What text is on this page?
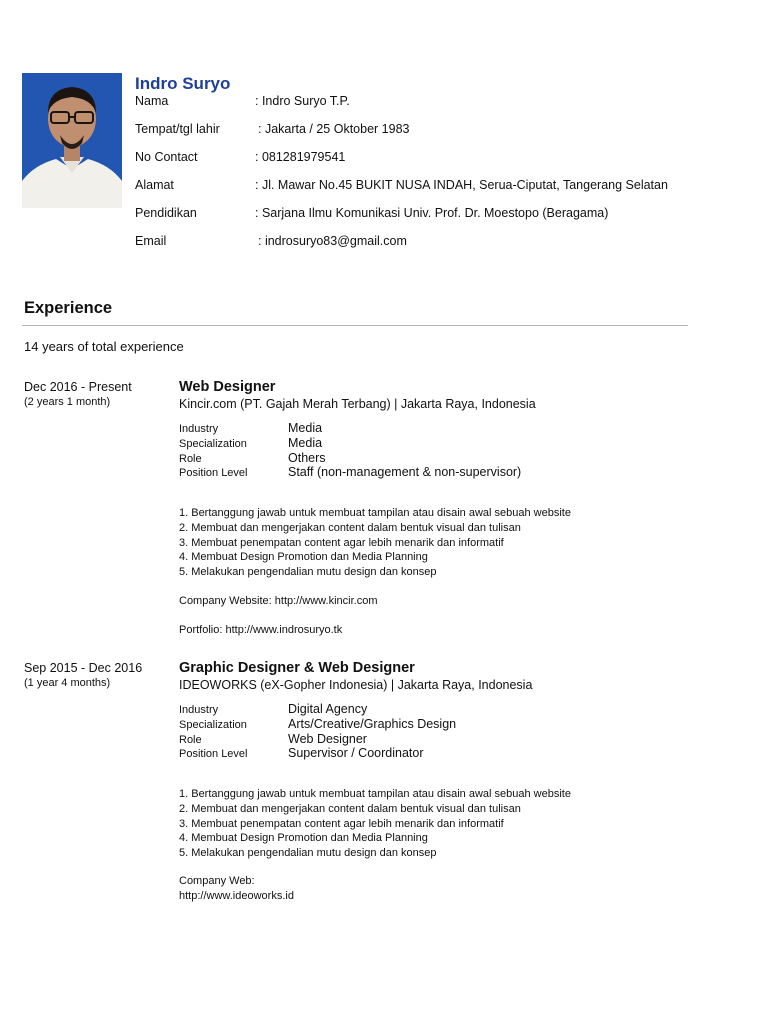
Indro Suryo
Nama	: Indro Suryo T.P.
Tempat/tgl lahir	: Jakarta / 25 Oktober 1983
No Contact	: 081281979541
Alamat	: Jl. Mawar No.45 BUKIT NUSA INDAH, Serua-Ciputat, Tangerang Selatan
Pendidikan	: Sarjana Ilmu Komunikasi Univ. Prof. Dr. Moestopo (Beragama)
Email	: indrosuryo83@gmail.com
Experience
14 years of total experience
Dec 2016 - Present
(2 years 1 month)
Web Designer
Kincir.com (PT. Gajah Merah Terbang) | Jakarta Raya, Indonesia
Industry	Media
Specialization	Media
Role	Others
Position Level	Staff (non-management & non-supervisor)
1. Bertanggung jawab untuk membuat tampilan atau disain awal sebuah website
2. Membuat dan mengerjakan content dalam bentuk visual dan tulisan
3. Membuat penempatan content agar lebih menarik dan informatif
4. Membuat Design Promotion dan Media Planning
5. Melakukan pengendalian mutu design dan konsep
Company Website: http://www.kincir.com
Portfolio: http://www.indrosuryo.tk
Sep 2015 - Dec 2016
(1 year 4 months)
Graphic Designer & Web Designer
IDEOWORKS (eX-Gopher Indonesia) | Jakarta Raya, Indonesia
Industry	Digital Agency
Specialization	Arts/Creative/Graphics Design
Role	Web Designer
Position Level	Supervisor / Coordinator
1. Bertanggung jawab untuk membuat tampilan atau disain awal sebuah website
2. Membuat dan mengerjakan content dalam bentuk visual dan tulisan
3. Membuat penempatan content agar lebih menarik dan informatif
4. Membuat Design Promotion dan Media Planning
5. Melakukan pengendalian mutu design dan konsep
Company Web:
http://www.ideoworks.id
